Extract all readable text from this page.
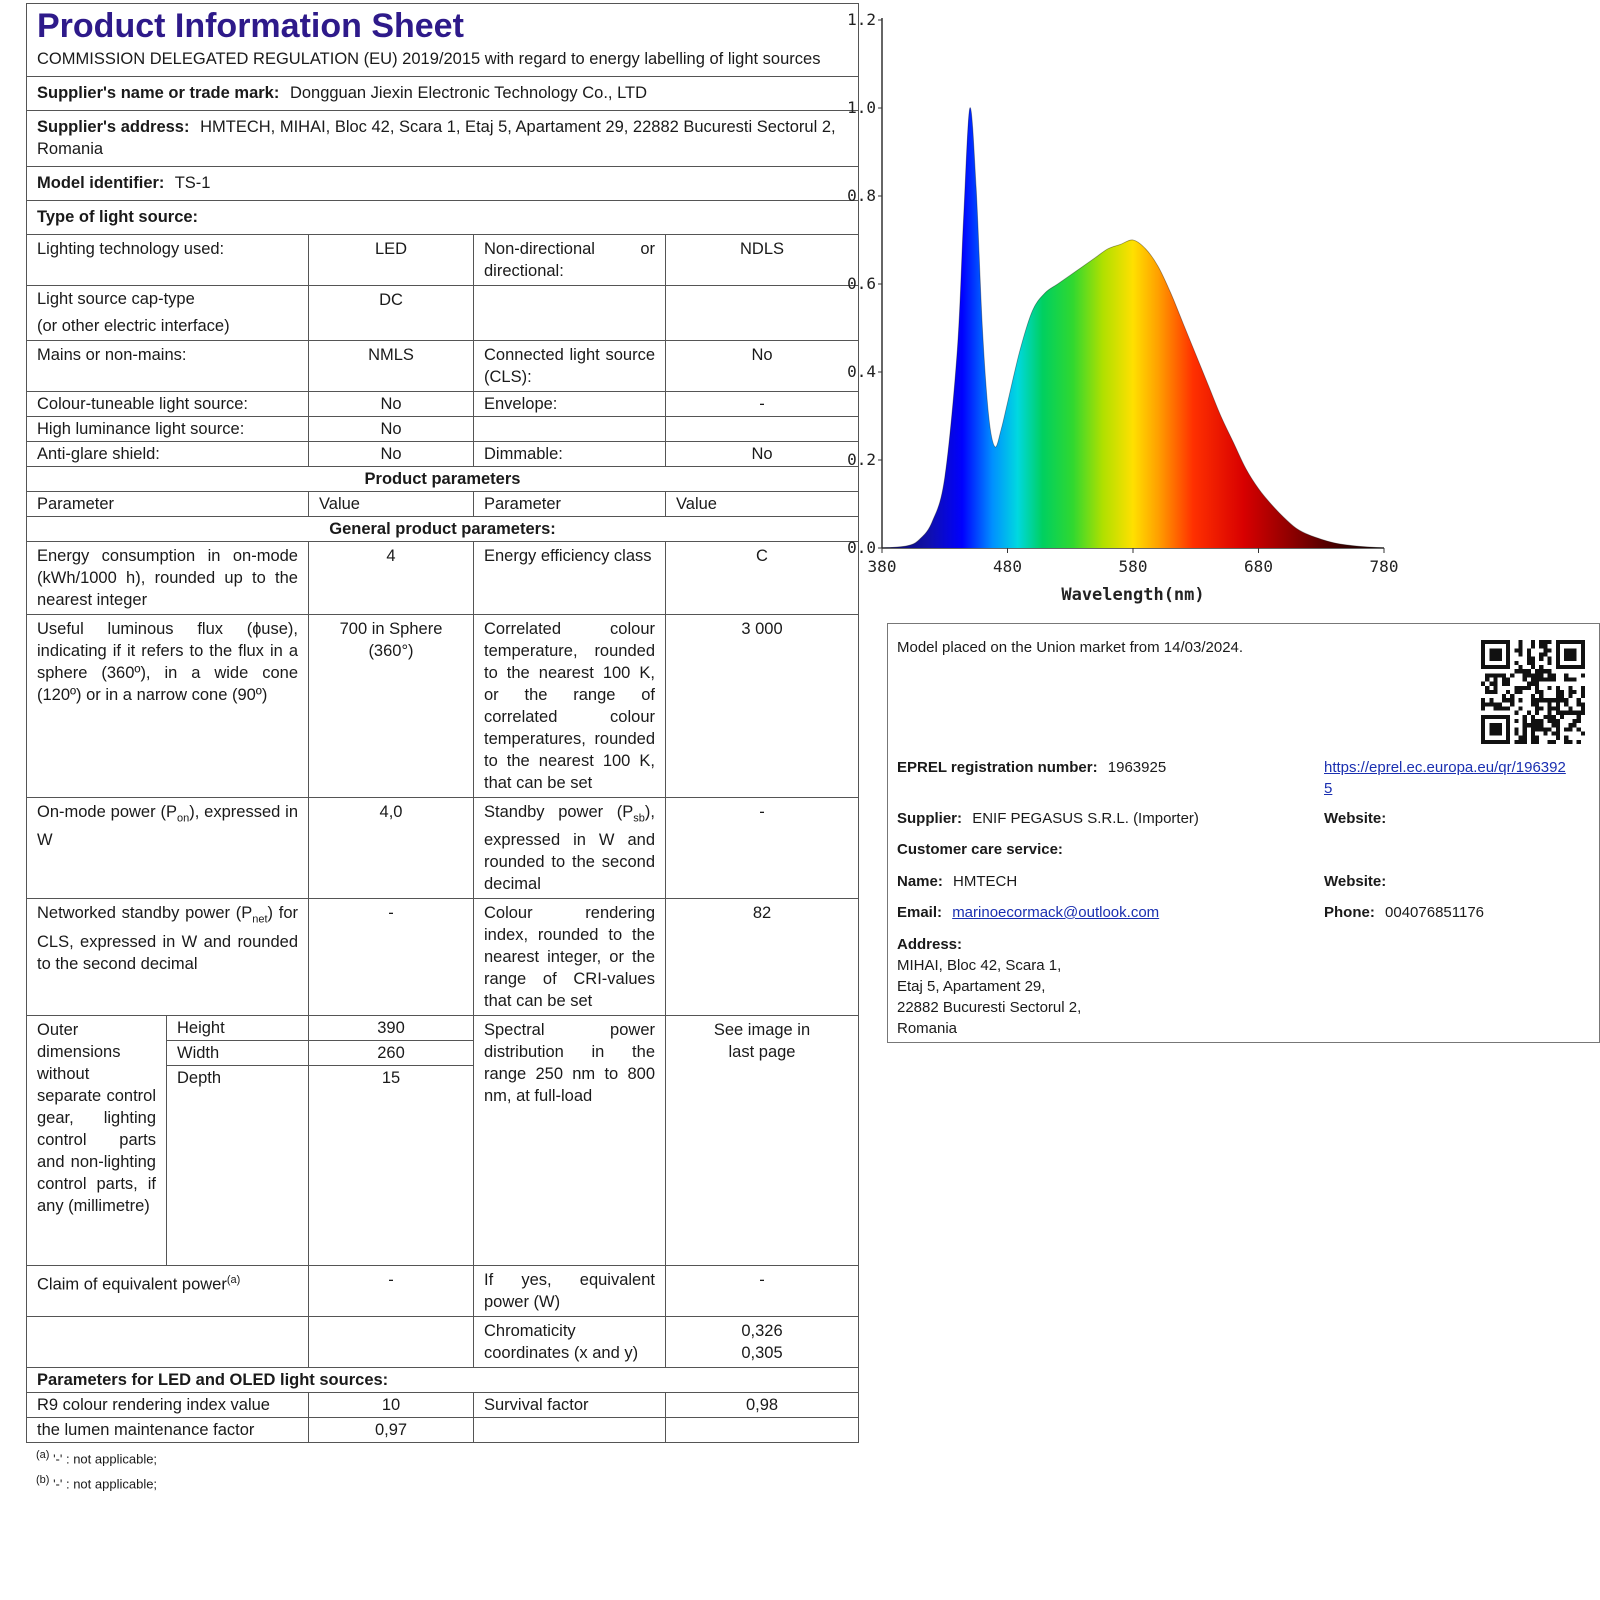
Product Information Sheet
COMMISSION DELEGATED REGULATION (EU) 2019/2015 with regard to energy labelling of light sources				

Supplier's name or trade mark: Dongguan Jiexin Electronic Technology Co., LTD				
Supplier's address: HMTECH, MIHAI, Bloc 42, Scara 1, Etaj 5, Apartament 29, 22882 Bucuresti Sectorul 2, Romania				
Model identifier: TS-1				
Type of light source:				
Lighting technology used:		LED	Non-directional or directional:	NDLS

Light source cap-type
(or other electric interface)		DC		
Mains or non-mains:		NMLS	Connected light source (CLS):	No
Colour-tuneable light source:		No	Envelope:	-
High luminance light source:		No		
Anti-glare shield:		No	Dimmable:	No
Product parameters				
Parameter		Value	Parameter	Value
General product parameters:				
Energy consumption in on-mode (kWh/1000 h), rounded up to the nearest integer		4	Energy efficiency class	C
Useful luminous flux (ɸuse), indicating if it refers to the flux in a sphere (360º), in a wide cone (120º) or in a narrow cone (90º)		700 in Sphere (360°)	Correlated colour temperature, rounded to the nearest 100 K, or the range of correlated colour temperatures, rounded to the nearest 100 K, that can be set	3 000
On-mode power $(P_{on})$, expressed in W		4,0	Standby power $(P_{sb})$, expressed in W and rounded to the second decimal	-
Networked standby power $(P_{net})$ for CLS, expressed in W and rounded to the second decimal		-	Colour rendering index, rounded to the nearest integer, or the range of CRI-values that can be set	82
Outer dimensions without separate control gear, lighting control parts and non-lighting control parts, if any (millimetre)	Height	390	Spectral power distribution in the range 250 nm to 800 nm, at full-load	See image in last page
	Width	260		
	Depth	15		
Claim of equivalent power$^{(a)}$		-	If yes, equivalent power (W)	-
			Chromaticity coordinates (x and y)	0,326
0,305

Parameters for LED and OLED light sources:				
R9 colour rendering index value		10	Survival factor	0,98
the lumen maintenance factor		0,97		
$^{(a)}$ '-' : not applicable;
$^{(b)}$ '-' : not applicable;
0.0
0.2
0.4
0.6
0.8
1.0
1.2
380	480	580	680	780
Wavelength(nm)
Model placed on the Union market from 14/03/2024.
EPREL registration number: 1963925	https://eprel.ec.europa.eu/qr/1963925
Supplier: ENIF PEGASUS S.R.L. (Importer)	Website:
Customer care service:
Name: HMTECH	Website:
Email: marinoecormack@outlook.com	Phone: 004076851176
Address:
MIHAI, Bloc 42, Scara 1,
Etaj 5, Apartament 29,
22882 Bucuresti Sectorul 2,
Romania
